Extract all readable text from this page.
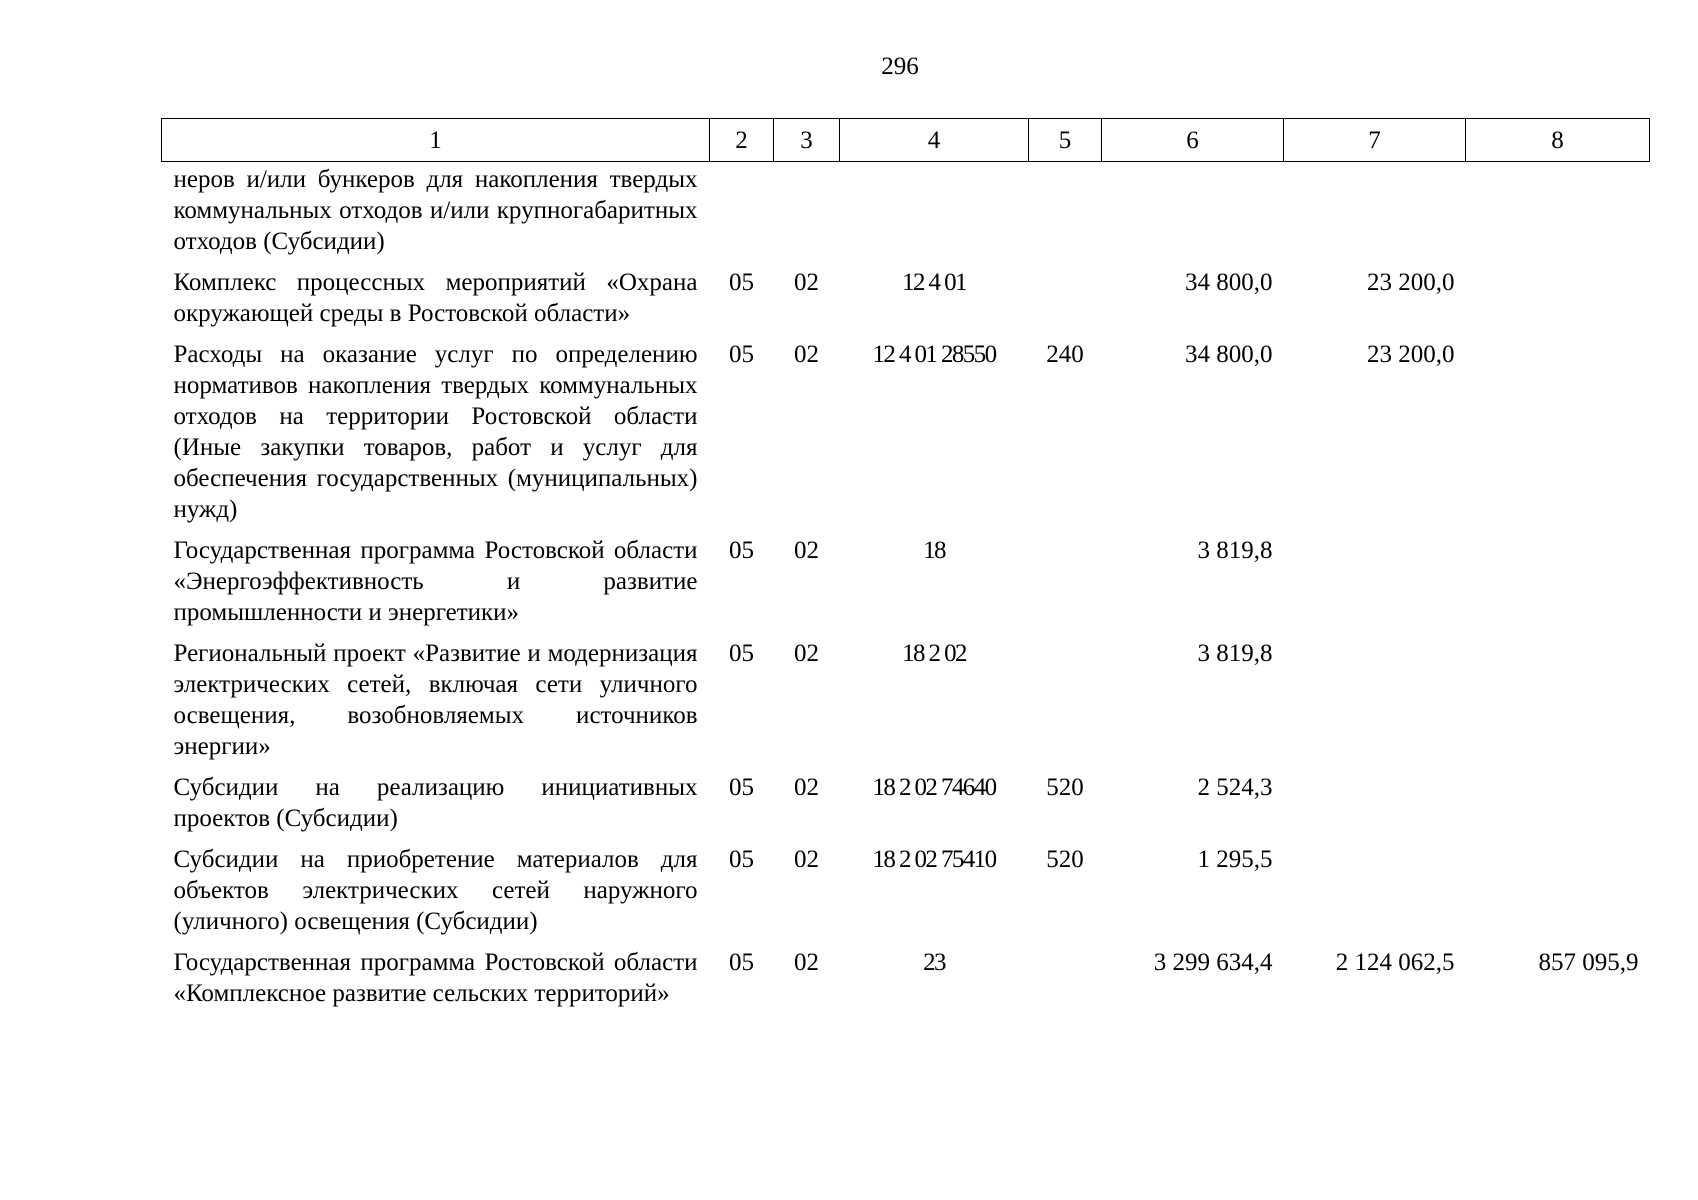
296
1	2	3	4	5	6	7	8
неров и/или бункеров для накопления твердых коммунальных отходов и/или крупногабаритных отходов (Субсидии)							
Комплекс процессных мероприятий «Охрана окружающей среды в Ростовской области»	05	02	12 4 01		34 800,0	23 200,0	
Расходы на оказание услуг по определению нормативов накопления твердых коммунальных отходов на территории Ростовской области (Иные закупки товаров, работ и услуг для обеспечения государственных (муниципальных) нужд)	05	02	12 4 01 28550	240	34 800,0	23 200,0	
Государственная программа Ростовской области «Энергоэффективность и развитие промышленности и энергетики»	05	02	18		3 819,8		
Региональный проект «Развитие и модернизация электрических сетей, включая сети уличного освещения, возобновляемых источников энергии»	05	02	18 2 02		3 819,8		
Субсидии на реализацию инициативных проектов (Субсидии)	05	02	18 2 02 74640	520	2 524,3		
Субсидии на приобретение материалов для объектов электрических сетей наружного (уличного) освещения (Субсидии)	05	02	18 2 02 75410	520	1 295,5		
Государственная программа Ростовской области «Комплексное развитие сельских территорий»	05	02	23		3 299 634,4	2 124 062,5	857 095,9
